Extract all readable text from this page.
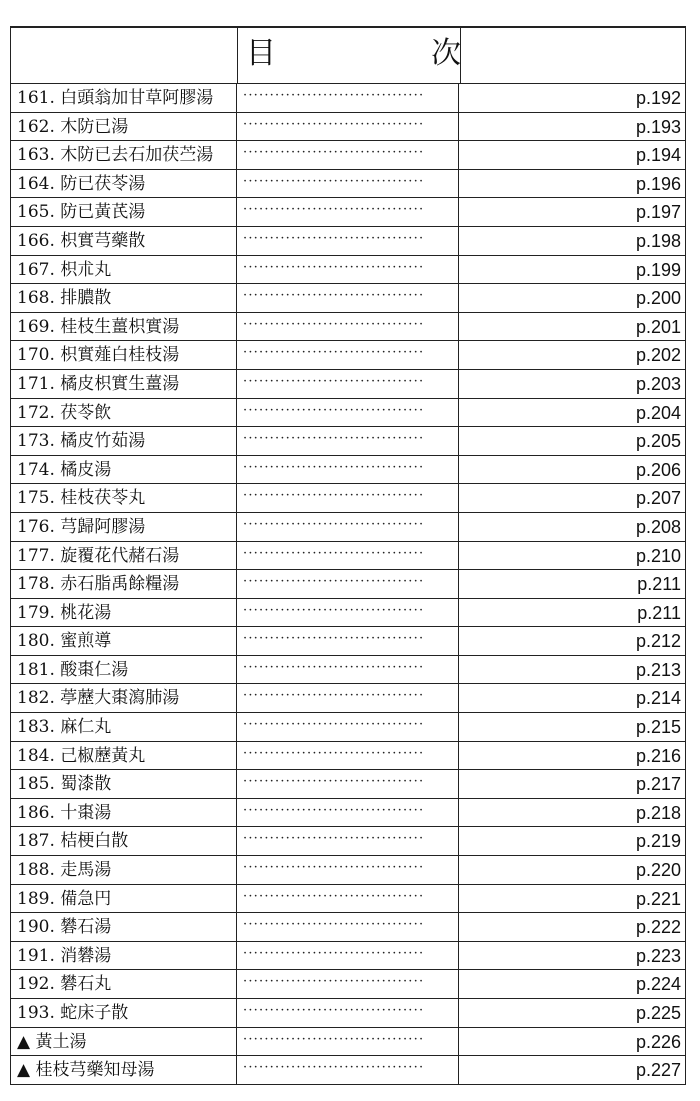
目	次
161. 白頭翁加甘草阿膠湯	··································	p.192
162. 木防已湯	··································	p.193
163. 木防已去石加茯苎湯	··································	p.194
164. 防已茯苓湯	··································	p.196
165. 防已黃芪湯	··································	p.197
166. 枳實芎藥散	··································	p.198
167. 枳朮丸	··································	p.199
168. 排膿散	··································	p.200
169. 桂枝生薑枳實湯	··································	p.201
170. 枳實薤白桂枝湯	··································	p.202
171. 橘皮枳實生薑湯	··································	p.203
172. 茯苓飲	··································	p.204
173. 橘皮竹茹湯	··································	p.205
174. 橘皮湯	··································	p.206
175. 桂枝茯苓丸	··································	p.207
176. 芎歸阿膠湯	··································	p.208
177. 旋覆花代赭石湯	··································	p.210
178. 赤石脂禹餘糧湯	··································	p.211
179. 桃花湯	··································	p.211
180. 蜜煎導	··································	p.212
181. 酸棗仁湯	··································	p.213
182. 葶藶大棗瀉肺湯	··································	p.214
183. 麻仁丸	··································	p.215
184. 己椒藶黃丸	··································	p.216
185. 蜀漆散	··································	p.217
186. 十棗湯	··································	p.218
187. 桔梗白散	··································	p.219
188. 走馬湯	··································	p.220
189. 備急円	··································	p.221
190. 礬石湯	··································	p.222
191. 消礬湯	··································	p.223
192. 礬石丸	··································	p.224
193. 蛇床子散	··································	p.225
▲ 黃土湯	··································	p.226
▲ 桂枝芎藥知母湯	··································	p.227
